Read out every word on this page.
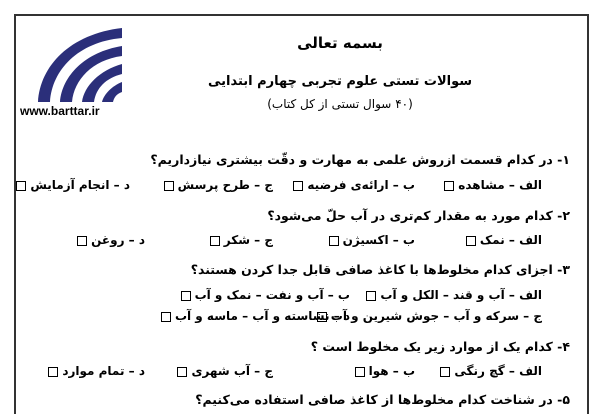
www.barttar.ir
بسمه تعالی
سوالات تستی علوم تجربی چهارم ابتدایی
(۴۰ سوال تستی از کل کتاب)
۱- در کدام قسمت ازروش علمی به مهارت و دقّت بیشتری نیازداریم؟
الف – مشاهده
ب – ارائه‌ی فرضیه
ج – طرح پرسش
د – انجام آزمایش
۲- کدام مورد به مقدار کم‌تری در آب حلّ می‌شود؟
الف – نمک
ب – اکسیژن
ج – شکر
د – روغن
۳- اجزای کدام مخلوط‌ها با کاغذ صافی قابل جدا کردن هستند؟
الف – آب و قند – الکل و آب
ب – آب و نفت – نمک و آب
ج – سرکه و آب – جوش شیرین و آب
د – نشاسته و آب – ماسه و آب
۴- کدام یک از موارد زیر یک مخلوط است ؟
الف – گچ رنگی
ب – هوا
ج – آب شهری
د – تمام موارد
۵- در شناخت کدام مخلوط‌ها از کاغذ صافی استفاده می‌کنیم؟
